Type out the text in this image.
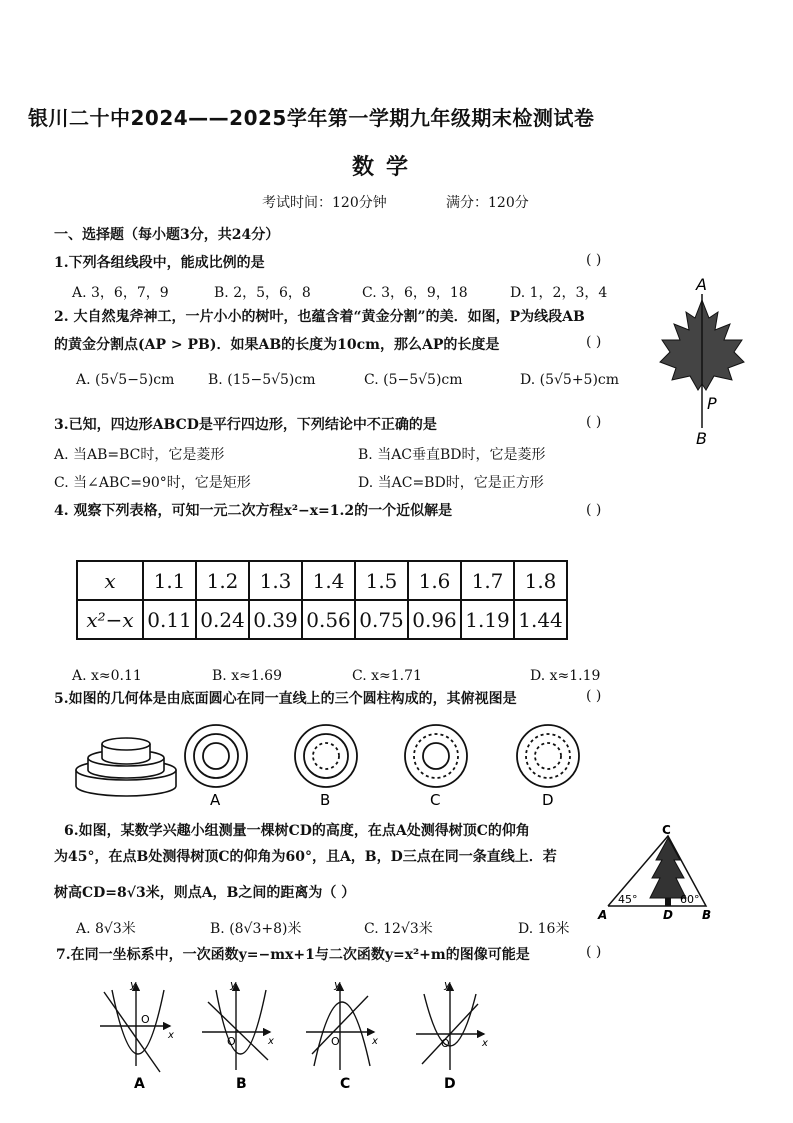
银川二十中2024——2025学年第一学期九年级期末检测试卷
数学
考试时间：120分钟	满分：120分
一、选择题（每小题3分，共24分）
1.下列各组线段中，能成比例的是	( )
A. 3，6，7，9	B. 2，5，6，8	C. 3，6，9，18	D. 1，2，3，4
2. 大自然鬼斧神工，一片小小的树叶，也蕴含着“黄金分割”的美．如图，P为线段AB
的黄金分割点(AP > PB)．如果AB的长度为10cm，那么AP的长度是	( )
A. (5√5−5)cm B. (15−5√5)cm	C. (5−5√5)cm	D. (5√5+5)cm
A
P
B
3.已知，四边形ABCD是平行四边形，下列结论中不正确的是	( )
A. 当AB=BC时，它是菱形	B. 当AC垂直BD时，它是菱形
C. 当∠ABC=90°时，它是矩形	D. 当AC=BD时，它是正方形
4. 观察下列表格，可知一元二次方程x²−x=1.2的一个近似解是	( )
x	1.1	1.2	1.3	1.4	1.5	1.6	1.7	1.8
x²−x	0.11	0.24	0.39	0.56	0.75	0.96	1.19	1.44
A. x≈0.11	B. x≈1.69	C. x≈1.71	D. x≈1.19
5.如图的几何体是由底面圆心在同一直线上的三个圆柱构成的，其俯视图是	( )
A	B	C	D
6.如图，某数学兴趣小组测量一棵树CD的高度，在点A处测得树顶C的仰角
为45°，在点B处测得树顶C的仰角为60°，且A，B，D三点在同一条直线上．若
树高CD=8√3米，则点A，B之间的距离为（ ）
A. 8√3米	B. (8√3+8)米	C. 12√3米	D. 16米
C
A	D B
45°	60°
7.在同一坐标系中，一次函数y=−mx+1与二次函数y=x²+m的图像可能是	( )
y	y	y	y
x
x	x	x
O
O	O	O
A	B	C	D
